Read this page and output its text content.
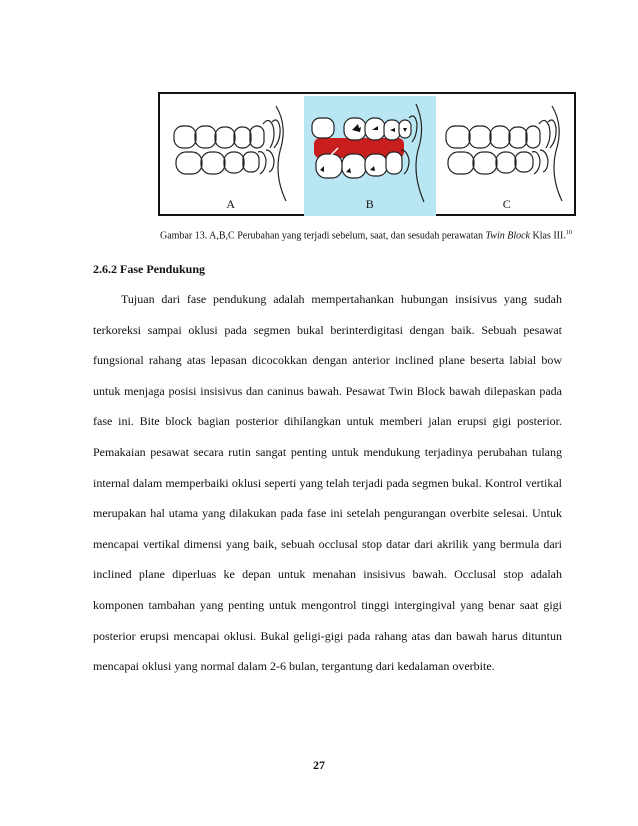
A	B	C
Gambar 13. A,B,C Perubahan yang terjadi sebelum, saat, dan sesudah perawatan Twin Block Klas III.$^{10}$
2.6.2 Fase Pendukung

Tujuan dari fase pendukung adalah mempertahankan hubungan insisivus yang sudah terkoreksi sampai oklusi pada segmen bukal berinterdigitasi dengan baik. Sebuah pesawat fungsional rahang atas lepasan dicocokkan dengan anterior inclined plane beserta labial bow untuk menjaga posisi insisivus dan caninus bawah. Pesawat Twin Block bawah dilepaskan pada fase ini. Bite block bagian posterior dihilangkan untuk memberi jalan erupsi gigi posterior. Pemakaian pesawat secara rutin sangat penting untuk mendukung terjadinya perubahan tulang internal dalam memperbaiki oklusi seperti yang telah terjadi pada segmen bukal. Kontrol vertikal merupakan hal utama yang dilakukan pada fase ini setelah pengurangan overbite selesai. Untuk mencapai vertikal dimensi yang baik, sebuah occlusal stop datar dari akrilik yang bermula dari inclined plane diperluas ke depan untuk menahan insisivus bawah. Occlusal stop adalah komponen tambahan yang penting untuk mengontrol tinggi intergingival yang benar saat gigi posterior erupsi mencapai oklusi. Bukal geligi-gigi pada rahang atas dan bawah harus dituntun mencapai oklusi yang normal dalam 2-6 bulan, tergantung dari kedalaman overbite.

27
